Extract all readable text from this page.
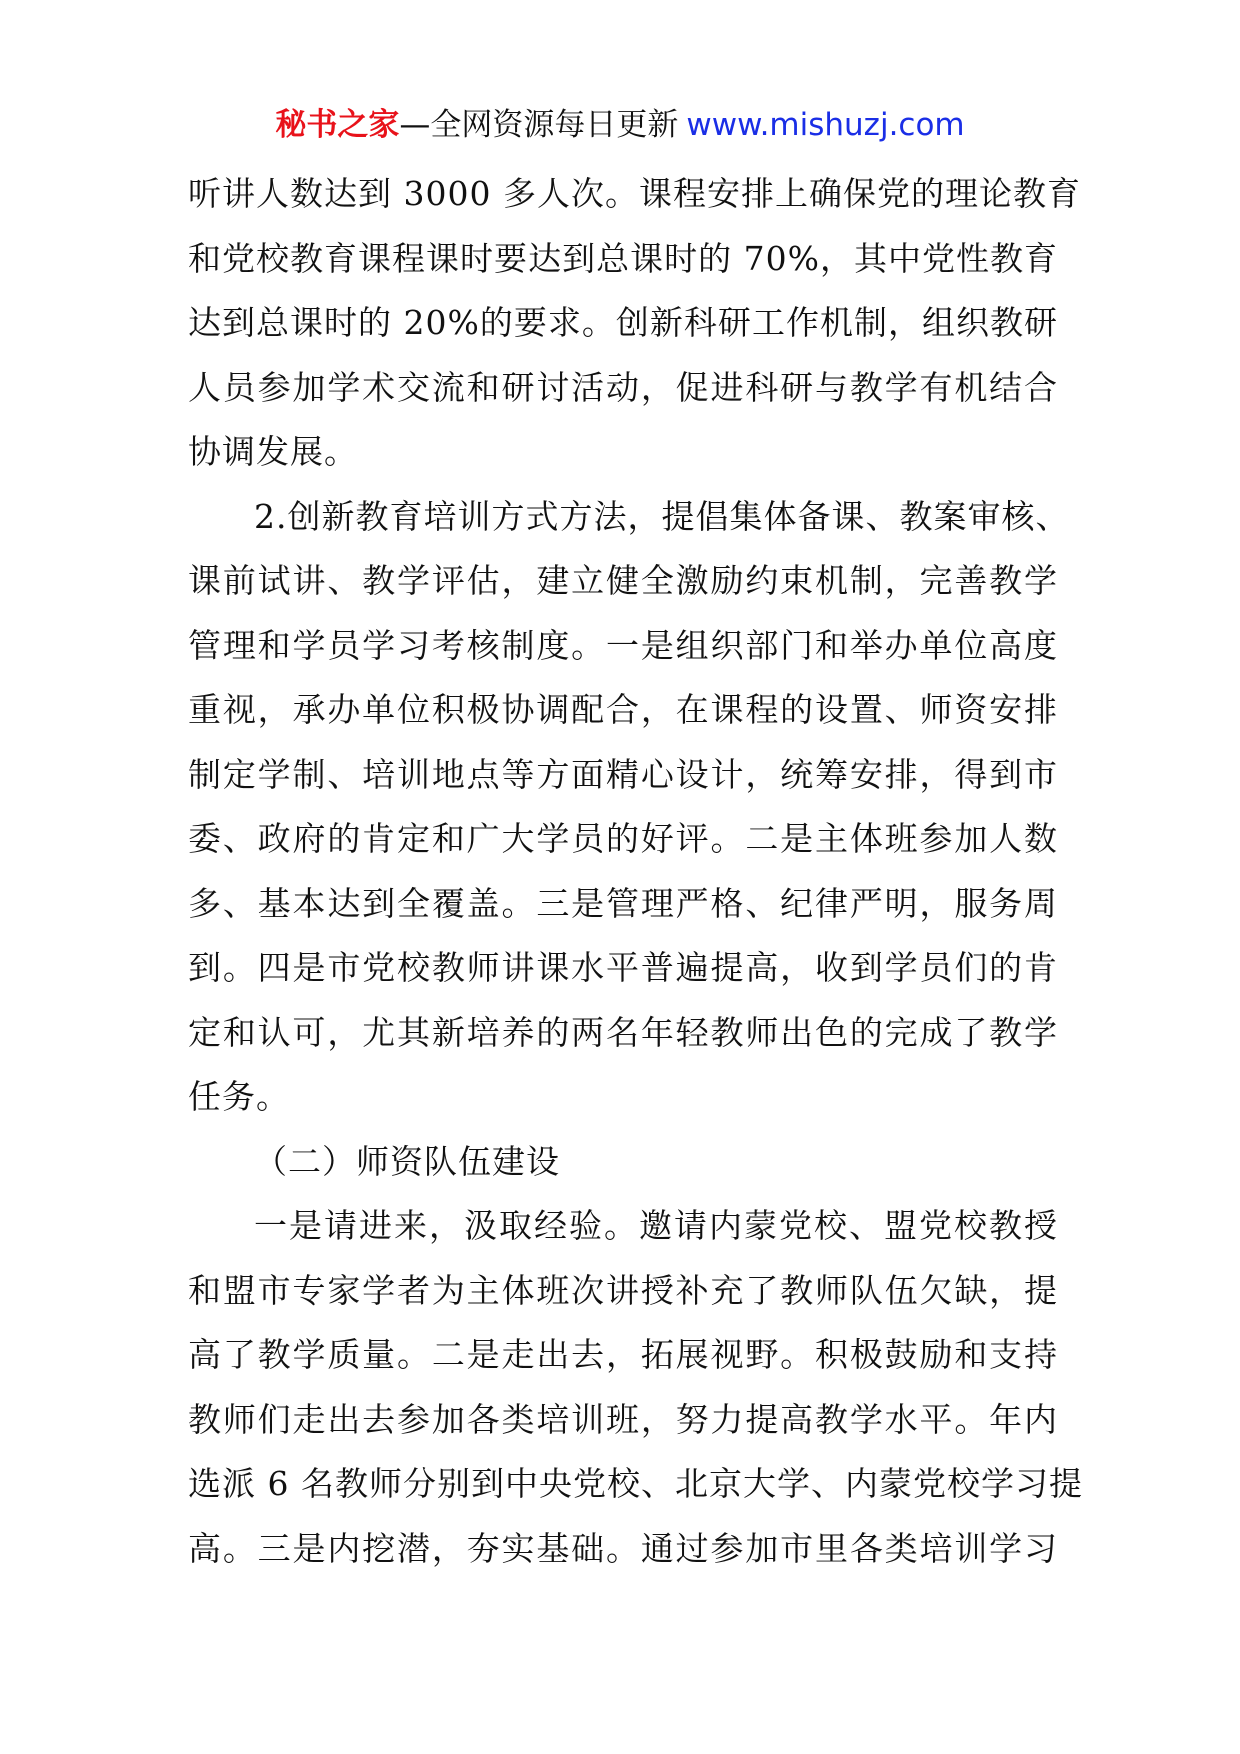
秘书之家—全网资源每日更新 www.mishuzj.com
听讲人数达到 3000 多人次。课程安排上确保党的理论教育
和党校教育课程课时要达到总课时的 70%，其中党性教育
达到总课时的 20%的要求。创新科研工作机制，组织教研
人员参加学术交流和研讨活动，促进科研与教学有机结合
协调发展。
2.创新教育培训方式方法，提倡集体备课、教案审核、
课前试讲、教学评估，建立健全激励约束机制，完善教学
管理和学员学习考核制度。一是组织部门和举办单位高度
重视，承办单位积极协调配合，在课程的设置、师资安排
制定学制、培训地点等方面精心设计，统筹安排，得到市
委、政府的肯定和广大学员的好评。二是主体班参加人数
多、基本达到全覆盖。三是管理严格、纪律严明，服务周
到。四是市党校教师讲课水平普遍提高，收到学员们的肯
定和认可，尤其新培养的两名年轻教师出色的完成了教学
任务。
（二）师资队伍建设
一是请进来，汲取经验。邀请内蒙党校、盟党校教授
和盟市专家学者为主体班次讲授补充了教师队伍欠缺，提
高了教学质量。二是走出去，拓展视野。积极鼓励和支持
教师们走出去参加各类培训班，努力提高教学水平。年内
选派 6 名教师分别到中央党校、北京大学、内蒙党校学习提
高。三是内挖潜，夯实基础。通过参加市里各类培训学习
